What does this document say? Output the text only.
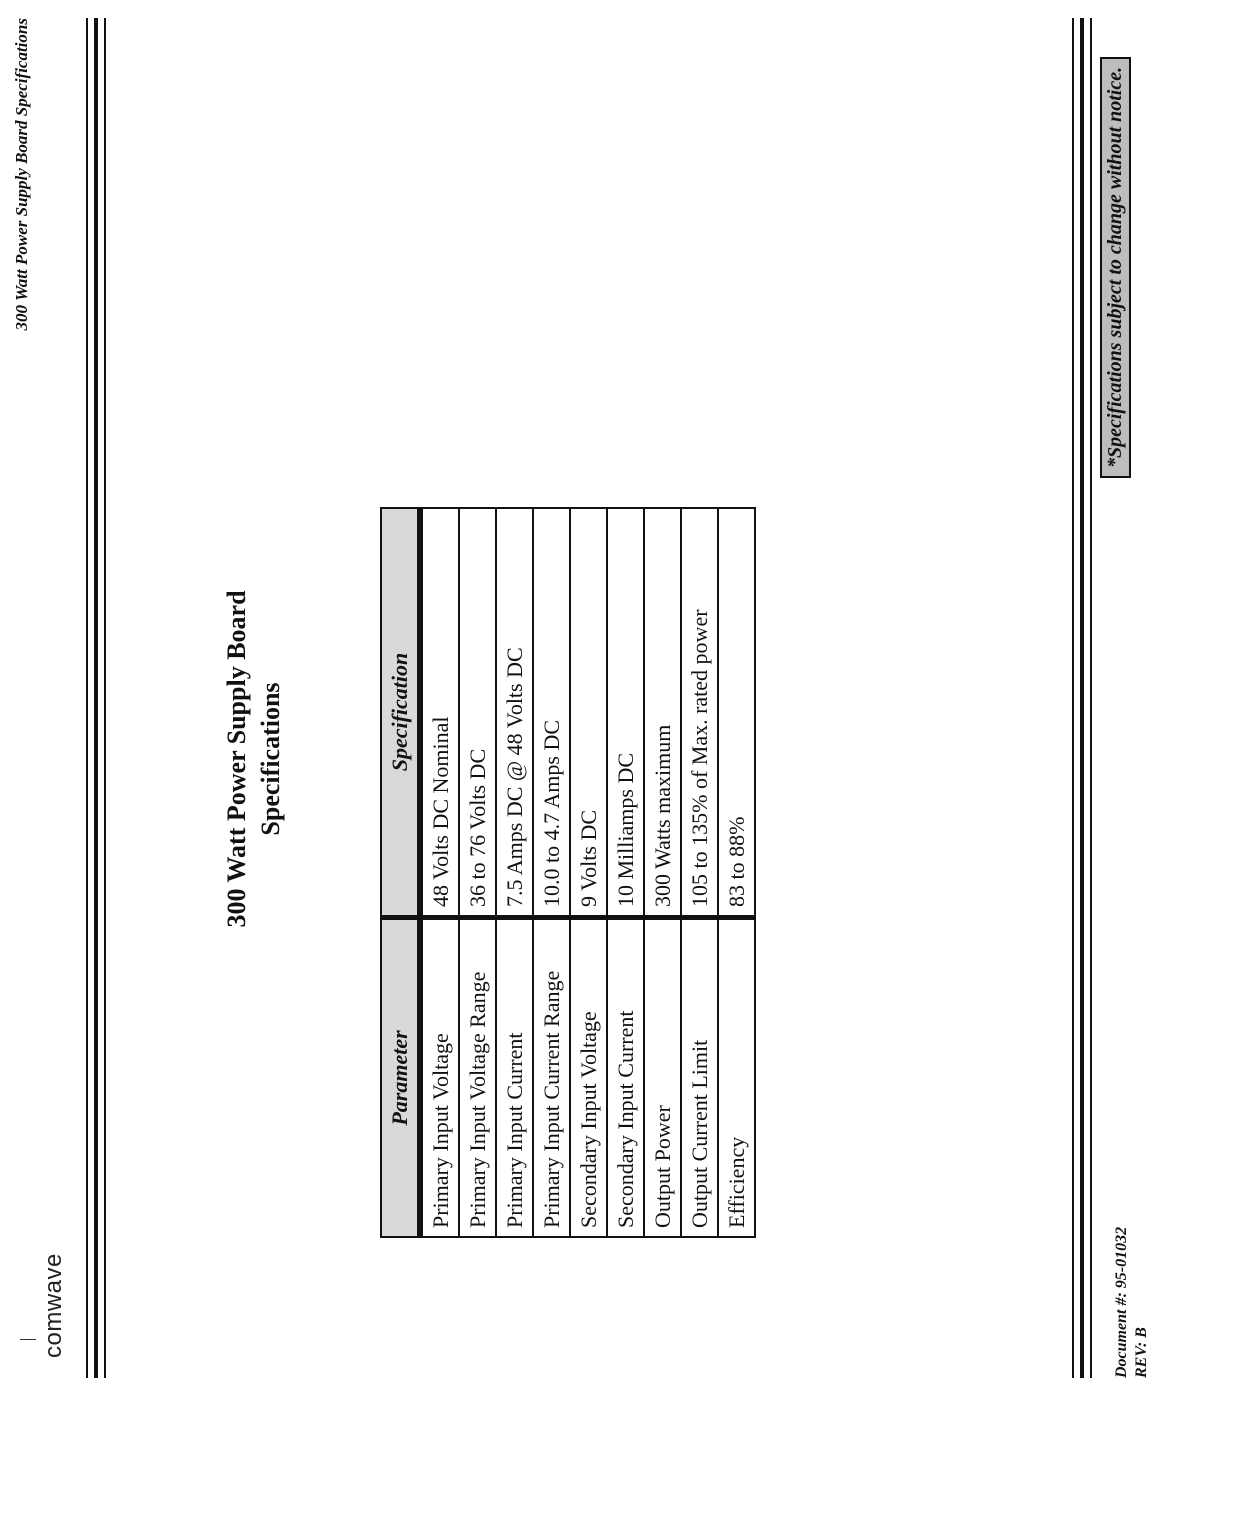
comwave
300 Watt Power Supply Board Specifications
300 Watt Power Supply Board Specifications
Parameter	Specification
Primary Input Voltage	48 Volts DC Nominal
Primary Input Voltage Range	36 to 76 Volts DC
Primary Input Current	7.5 Amps DC @ 48 Volts DC
Primary Input Current Range	10.0 to 4.7 Amps DC
Secondary Input Voltage	9 Volts DC
Secondary Input Current	10 Milliamps DC
Output Power	300 Watts maximum
Output Current Limit	105 to 135% of Max. rated power
Efficiency	83 to 88%
Document #: 95-01032 REV: B
*Specifications subject to change without notice.
